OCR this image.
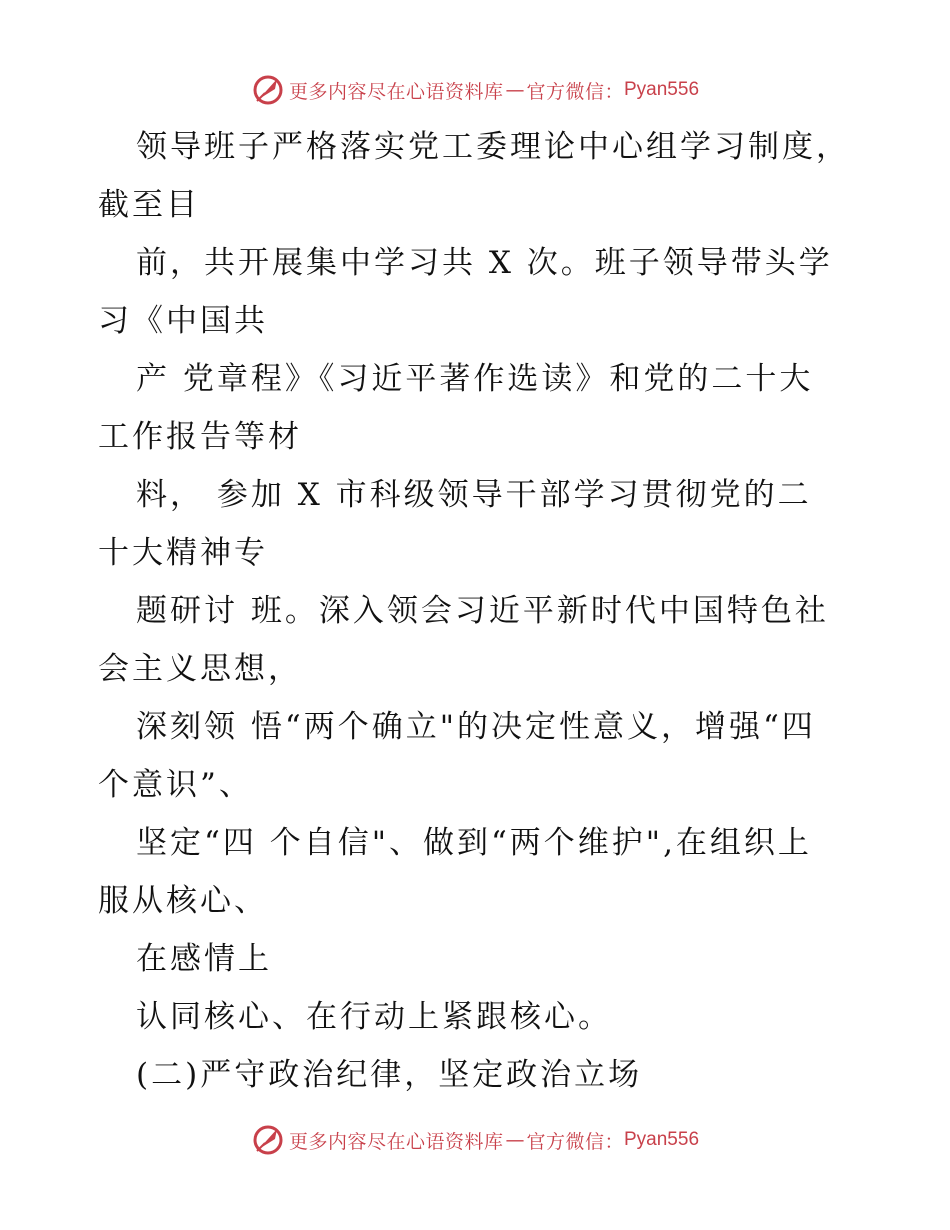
更多内容尽在心语资料库 — 官方微信： Pyan556
领导班子严格落实党工委理论中心组学习制度，
截至目
前，共开展集中学习共 X 次。班子领导带头学
习《中国共
产 党章程》《习近平著作选读》和党的二十大
工作报告等材
料， 参加 X 市科级领导干部学习贯彻党的二
十大精神专
题研讨 班。深入领会习近平新时代中国特色社
会主义思想，
深刻领 悟“两个确立"的决定性意义，增强“四
个意识”、
坚定“四 个自信"、做到“两个维护",在组织上
服从核心、
在感情上
认同核心、在行动上紧跟核心。
(二)严守政治纪律，坚定政治立场
更多内容尽在心语资料库 — 官方微信： Pyan556
